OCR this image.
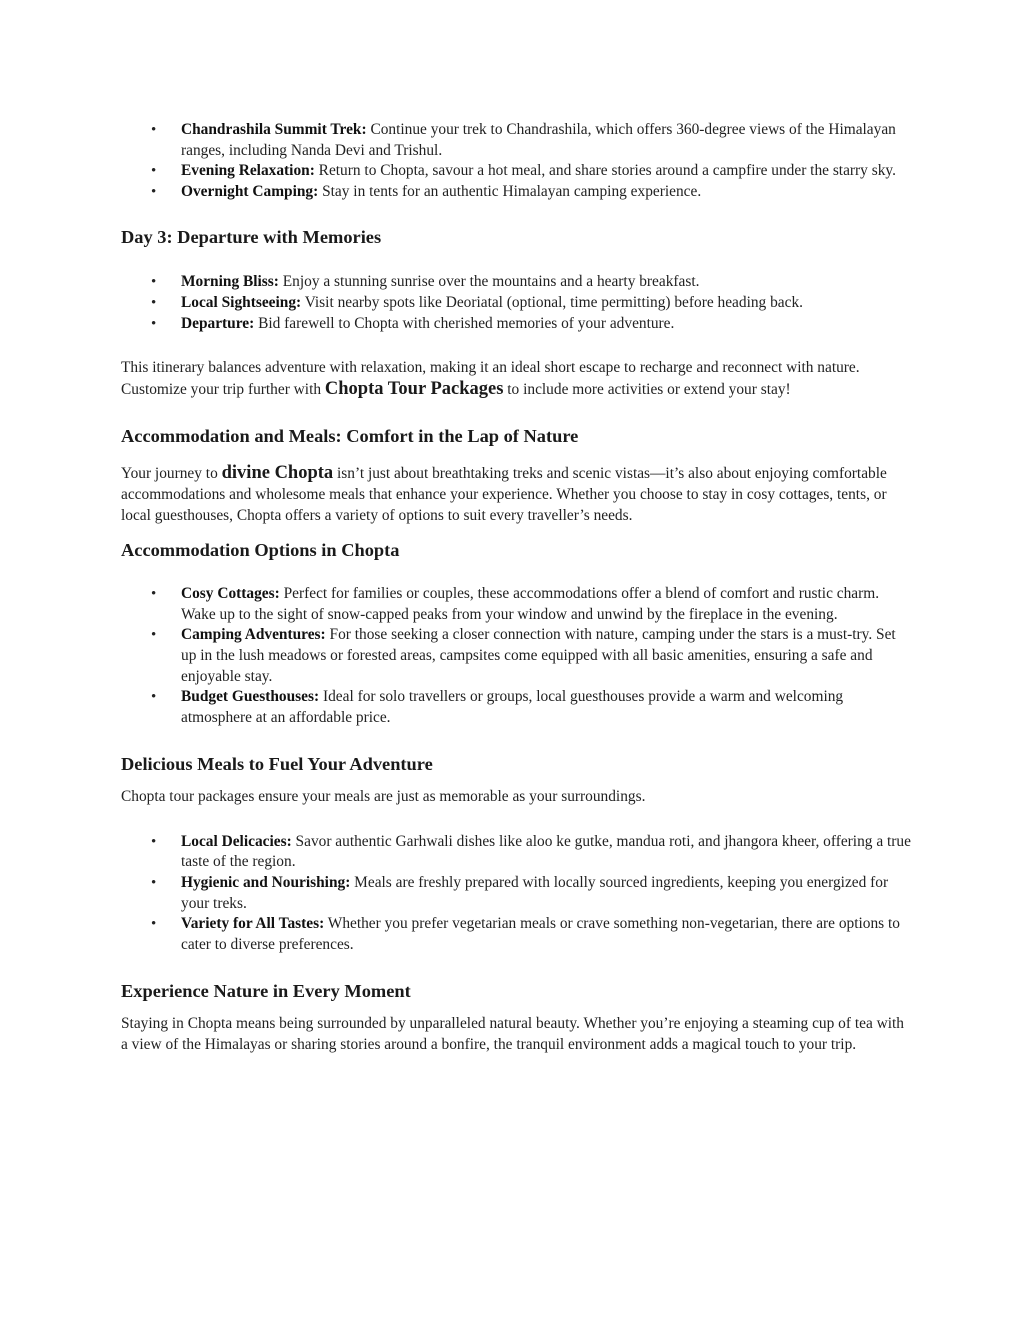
• Chandrashila Summit Trek: Continue your trek to Chandrashila, which offers 360-degree views of the Himalayan ranges, including Nanda Devi and Trishul.
• Evening Relaxation: Return to Chopta, savour a hot meal, and share stories around a campfire under the starry sky.
• Overnight Camping: Stay in tents for an authentic Himalayan camping experience.
Day 3: Departure with Memories
• Morning Bliss: Enjoy a stunning sunrise over the mountains and a hearty breakfast.
• Local Sightseeing: Visit nearby spots like Deoriatal (optional, time permitting) before heading back.
• Departure: Bid farewell to Chopta with cherished memories of your adventure.

This itinerary balances adventure with relaxation, making it an ideal short escape to recharge and reconnect with nature. Customize your trip further with Chopta Tour Packages to include more activities or extend your stay!

Accommodation and Meals: Comfort in the Lap of Nature

Your journey to divine Chopta isn’t just about breathtaking treks and scenic vistas—it’s also about enjoying comfortable accommodations and wholesome meals that enhance your experience. Whether you choose to stay in cosy cottages, tents, or local guesthouses, Chopta offers a variety of options to suit every traveller’s needs.

Accommodation Options in Chopta
• Cosy Cottages: Perfect for families or couples, these accommodations offer a blend of comfort and rustic charm. Wake up to the sight of snow-capped peaks from your window and unwind by the fireplace in the evening.
• Camping Adventures: For those seeking a closer connection with nature, camping under the stars is a must-try. Set up in the lush meadows or forested areas, campsites come equipped with all basic amenities, ensuring a safe and enjoyable stay.
• Budget Guesthouses: Ideal for solo travellers or groups, local guesthouses provide a warm and welcoming atmosphere at an affordable price.
Delicious Meals to Fuel Your Adventure

Chopta tour packages ensure your meals are just as memorable as your surroundings.

• Local Delicacies: Savor authentic Garhwali dishes like aloo ke gutke, mandua roti, and jhangora kheer, offering a true taste of the region.
• Hygienic and Nourishing: Meals are freshly prepared with locally sourced ingredients, keeping you energized for your treks.
• Variety for All Tastes: Whether you prefer vegetarian meals or crave something non-vegetarian, there are options to cater to diverse preferences.
Experience Nature in Every Moment

Staying in Chopta means being surrounded by unparalleled natural beauty. Whether you’re enjoying a steaming cup of tea with a view of the Himalayas or sharing stories around a bonfire, the tranquil environment adds a magical touch to your trip.
